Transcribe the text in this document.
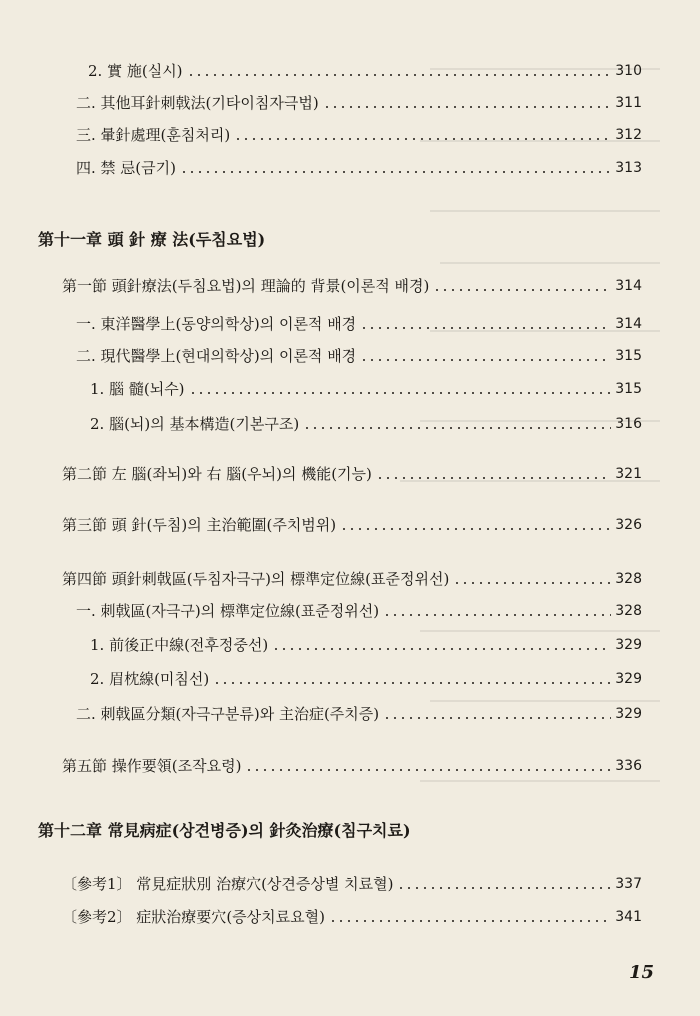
2. 實 施(실시)	310
二. 其他耳針刺戟法(기타이침자극법)	311
三. 暈針處理(훈침처리)	312
四. 禁 忌(금기)	313
第十一章 頭 針 療 法(두침요법)
第一節 頭針療法(두침요법)의 理論的 背景(이론적 배경)	314
一. 東洋醫學上(동양의학상)의 이론적 배경	314
二. 現代醫學上(현대의학상)의 이론적 배경	315
1. 腦 髓(뇌수)	315
2. 腦(뇌)의 基本構造(기본구조)	316
第二節 左 腦(좌뇌)와 右 腦(우뇌)의 機能(기능)	321
第三節 頭 針(두침)의 主治範圍(주치범위)	326
第四節 頭針刺戟區(두침자극구)의 標準定位線(표준정위선)	328
一. 刺戟區(자극구)의 標準定位線(표준정위선)	328
1. 前後正中線(전후정중선)	329
2. 眉枕線(미침선)	329
二. 刺戟區分類(자극구분류)와 主治症(주치증)	329
第五節 操作要領(조작요령)	336
第十二章 常見病症(상견병증)의 針灸治療(침구치료)
〔參考1〕 常見症狀別 治療穴(상견증상별 치료혈)	337
〔參考2〕 症狀治療要穴(증상치료요혈)	341
15
